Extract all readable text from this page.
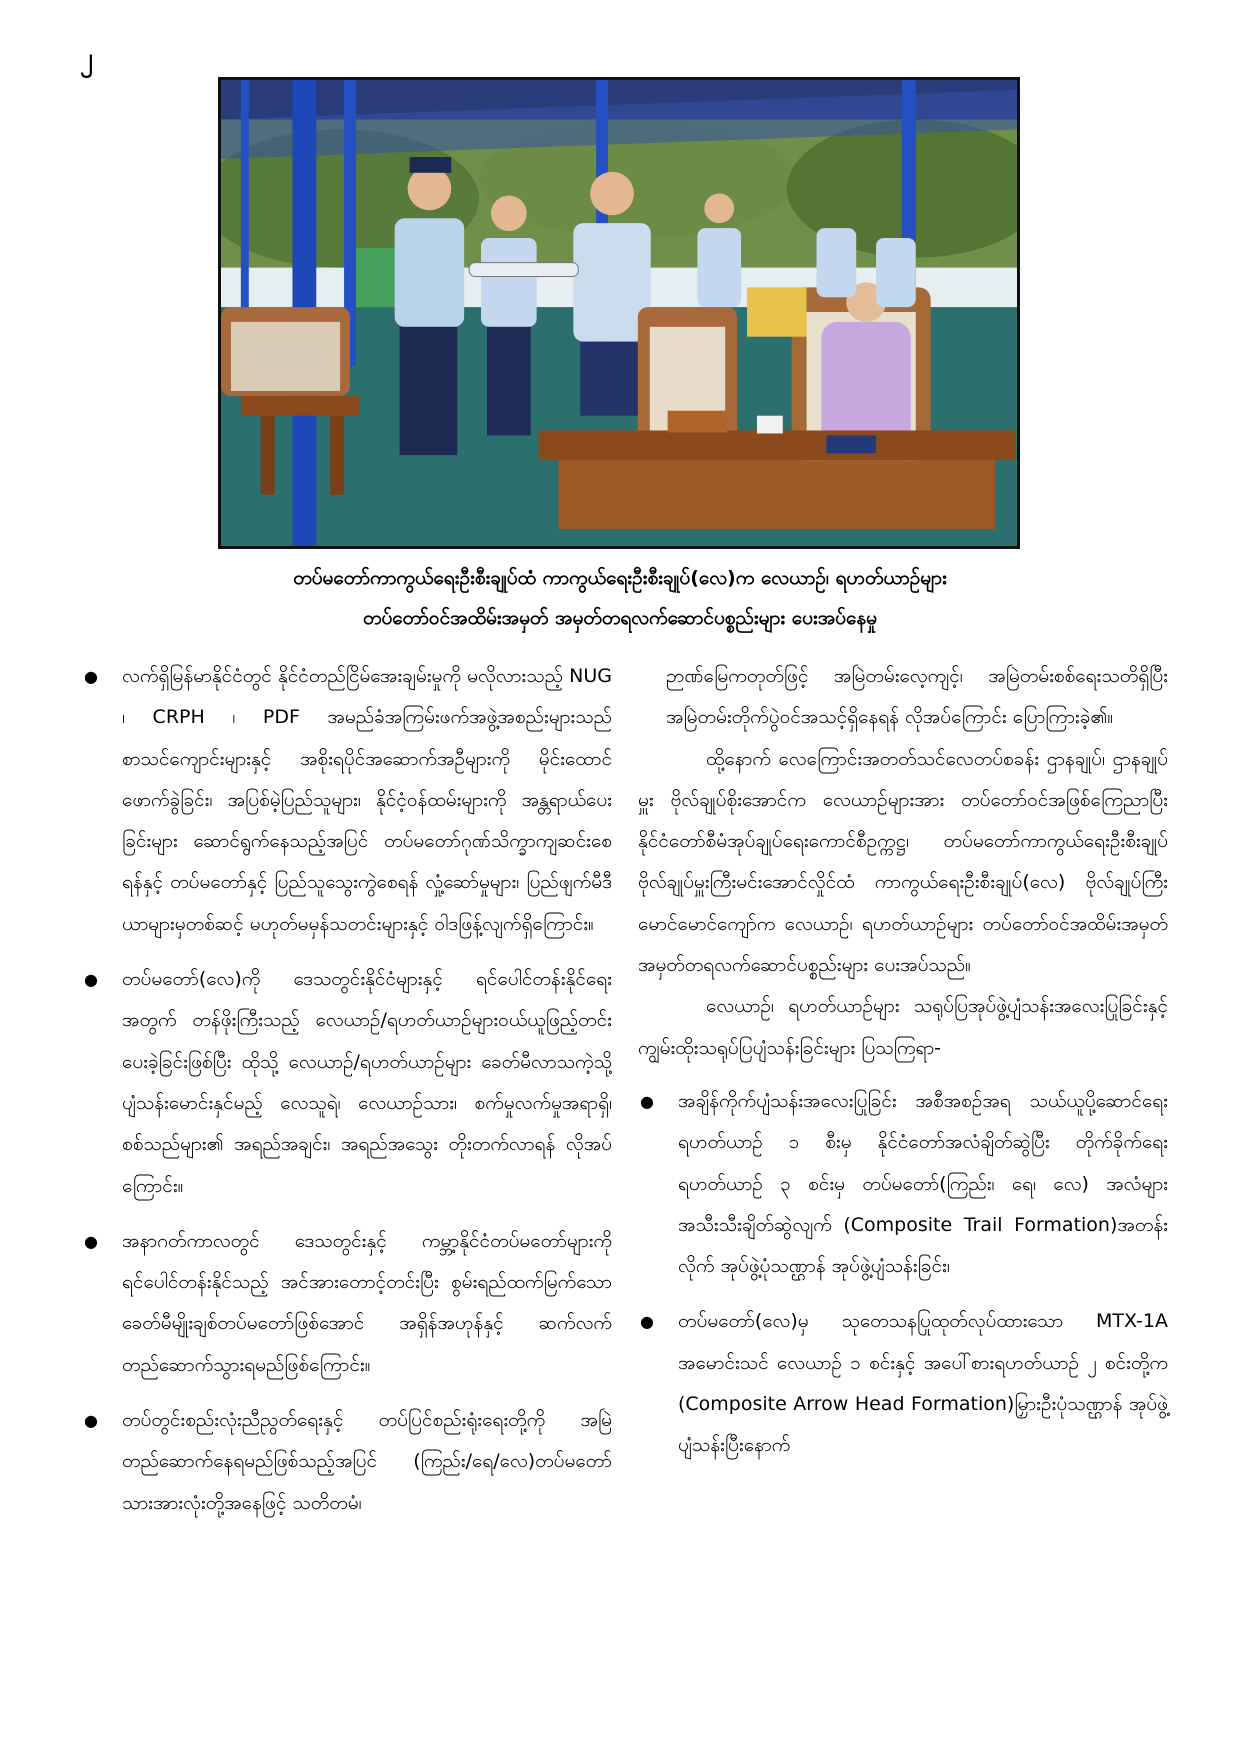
၂
တပ်မတော်ကာကွယ်ရေးဦးစီးချုပ်ထံ ကာကွယ်ရေးဦးစီးချုပ်(လေ)က လေယာဉ်၊ ရဟတ်ယာဉ်များ
တပ်တော်ဝင်အထိမ်းအမှတ် အမှတ်တရလက်ဆောင်ပစ္စည်းများ ပေးအပ်နေမှု

● လက်ရှိမြန်မာနိုင်ငံတွင် နိုင်ငံတည်ငြိမ်အေးချမ်းမှုကို မလိုလားသည့် NUG ၊ CRPH ၊ PDF အမည်ခံအကြမ်းဖက်အဖွဲ့အစည်းများသည် စာသင်ကျောင်းများနှင့် အစိုးရပိုင်အဆောက်အဦများကို မိုင်းထောင်ဖောက်ခွဲခြင်း၊ အပြစ်မဲ့ပြည်သူများ၊ နိုင်ငံ့ဝန်ထမ်းများကို အန္တရာယ်ပေးခြင်းများ ဆောင်ရွက်နေသည့်အပြင် တပ်မတော်ဂုဏ်သိက္ခာကျဆင်းစေရန်နှင့် တပ်မတော်နှင့် ပြည်သူသွေးကွဲစေရန် လှုံ့ဆော်မှုများ၊ ပြည်ဖျက်မီဒီယာများမှတစ်ဆင့် မဟုတ်မမှန်သတင်းများနှင့် ဝါဒဖြန့်လျက်ရှိကြောင်း။

● တပ်မတော်(လေ)ကို ဒေသတွင်းနိုင်ငံများနှင့် ရင်ပေါင်တန်းနိုင်ရေးအတွက် တန်ဖိုးကြီးသည့် လေယာဉ်/ရဟတ်ယာဉ်များဝယ်ယူဖြည့်တင်းပေးခဲ့ခြင်းဖြစ်ပြီး ထိုသို့ လေယာဉ်/ရဟတ်ယာဉ်များ ခေတ်မီလာသကဲ့သို့ ပျံသန်းမောင်းနှင်မည့် လေသူရဲ၊ လေယာဉ်သား၊ စက်မှုလက်မှုအရာရှိ၊ စစ်သည်များ၏ အရည်အချင်း၊ အရည်အသွေး တိုးတက်လာရန် လိုအပ်ကြောင်း။

● အနာဂတ်ကာလတွင် ဒေသတွင်းနှင့် ကမ္ဘာ့နိုင်ငံတပ်မတော်များကို ရင်ပေါင်တန်းနိုင်သည့် အင်အားတောင့်တင်းပြီး စွမ်းရည်ထက်မြက်သော ခေတ်မီမျိုးချစ်တပ်မတော်ဖြစ်အောင် အရှိန်အဟုန်နှင့် ဆက်လက်တည်ဆောက်သွားရမည်ဖြစ်ကြောင်း။

● တပ်တွင်းစည်းလုံးညီညွတ်ရေးနှင့် တပ်ပြင်စည်းရုံးရေးတို့ကို အမြဲတည်ဆောက်နေရမည်ဖြစ်သည့်အပြင် (ကြည်း/ရေ/လေ)တပ်မတော်သားအားလုံးတို့အနေဖြင့် သတိတမံ၊

ဉာဏ်မြေကတုတ်ဖြင့် အမြဲတမ်းလေ့ကျင့်၊ အမြဲတမ်းစစ်ရေးသတိရှိပြီး အမြဲတမ်းတိုက်ပွဲဝင်အသင့်ရှိနေရန် လိုအပ်ကြောင်း ပြောကြားခဲ့၏။

ထို့နောက် လေကြောင်းအတတ်သင်လေတပ်စခန်း ဌာနချုပ်၊ ဌာနချုပ်မှူး ဗိုလ်ချုပ်စိုးအောင်က လေယာဉ်များအား တပ်တော်ဝင်အဖြစ်ကြေညာပြီး နိုင်ငံတော်စီမံအုပ်ချုပ်ရေးကောင်စီဥက္ကဋ္ဌ၊ တပ်မတော်ကာကွယ်ရေးဦးစီးချုပ် ဗိုလ်ချုပ်မှူးကြီးမင်းအောင်လှိုင်ထံ ကာကွယ်ရေးဦးစီးချုပ်(လေ) ဗိုလ်ချုပ်ကြီးမောင်မောင်ကျော်က လေယာဉ်၊ ရဟတ်ယာဉ်များ တပ်တော်ဝင်အထိမ်းအမှတ် အမှတ်တရလက်ဆောင်ပစ္စည်းများ ပေးအပ်သည်။

လေယာဉ်၊ ရဟတ်ယာဉ်များ သရုပ်ပြအုပ်ဖွဲ့ပျံသန်းအလေးပြုခြင်းနှင့် ကျွမ်းထိုးသရုပ်ပြပျံသန်းခြင်းများ ပြသကြရာ-

● အချိန်ကိုက်ပျံသန်းအလေးပြုခြင်း အစီအစဉ်အရ သယ်ယူပို့ဆောင်ရေးရဟတ်ယာဉ် ၁ စီးမှ နိုင်ငံတော်အလံချိတ်ဆွဲပြီး တိုက်ခိုက်ရေးရဟတ်ယာဉ် ၃ စင်းမှ တပ်မတော်(ကြည်း၊ ရေ၊ လေ) အလံများ အသီးသီးချိတ်ဆွဲလျက် (Composite Trail Formation)အတန်းလိုက် အုပ်ဖွဲ့ပုံသဏ္ဌာန် အုပ်ဖွဲ့ပျံသန်းခြင်း၊

● တပ်မတော်(လေ)မှ သုတေသနပြုထုတ်လုပ်ထားသော MTX-1A အမောင်းသင် လေယာဉ် ၁ စင်းနှင့် အပေါ်စားရဟတ်ယာဉ် ၂ စင်းတို့က (Composite Arrow Head Formation)မြှားဦးပုံသဏ္ဌာန် အုပ်ဖွဲ့ပျံသန်းပြီးနောက်
